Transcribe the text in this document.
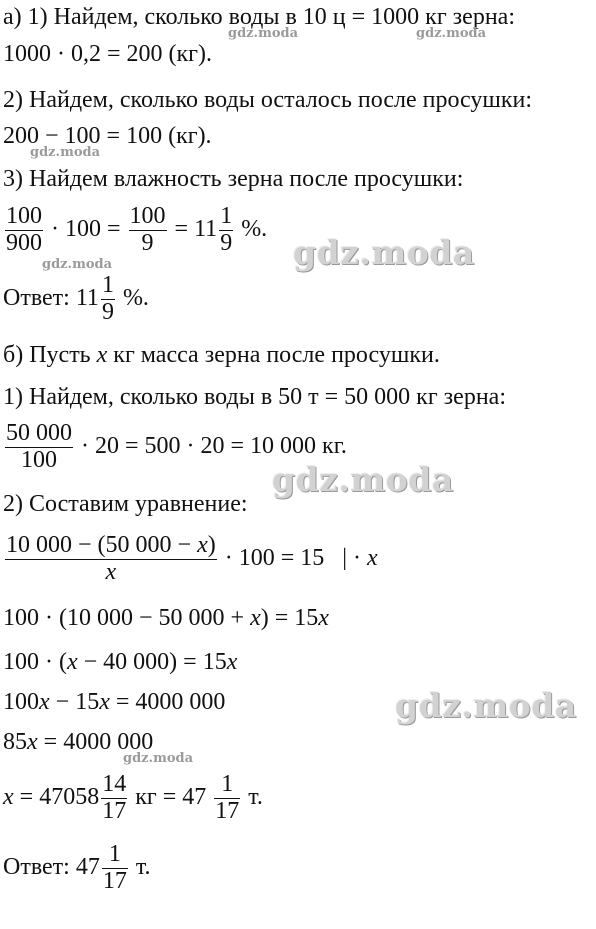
а) 1) Найдем, сколько воды в 10 ц = 1000 кг зерна:
1000 · 0,2 = 200 (кг).
2) Найдем, сколько воды осталось после просушки:
200 − 100 = 100 (кг).
3) Найдем влажность зерна после просушки:
$\frac{100}{900} \cdot 100 = \frac{100}{9} = 11 \frac{1}{9}$ %.
Ответ: $11 \frac{1}{9}$ %.
б) Пусть x кг масса зерна после просушки.
1) Найдем, сколько воды в 50 т = 50 000 кг зерна:
$\frac{50 000}{100} \cdot 20 = 500 \cdot 20 = 10$ 000 кг.
2) Составим уравнение:
$\frac{10 000 - (50 000 - x)}{x} \cdot 100 = 15$ | · x
100 · (10 000 − 50 000 + x) = 15x
100 · (x − 40 000) = 15x
100x − 15x = 4000 000
85x = 4000 000
$x = 47058 \frac{14}{17}$ кг = $47 \frac{1}{17} т$.
Ответ: $47 \frac{1}{17} т$.
gdz.moda	gdz.moda
gdz.moda
gdz.moda
gdz.moda
gdz.moda
gdz.moda
gdz.moda
